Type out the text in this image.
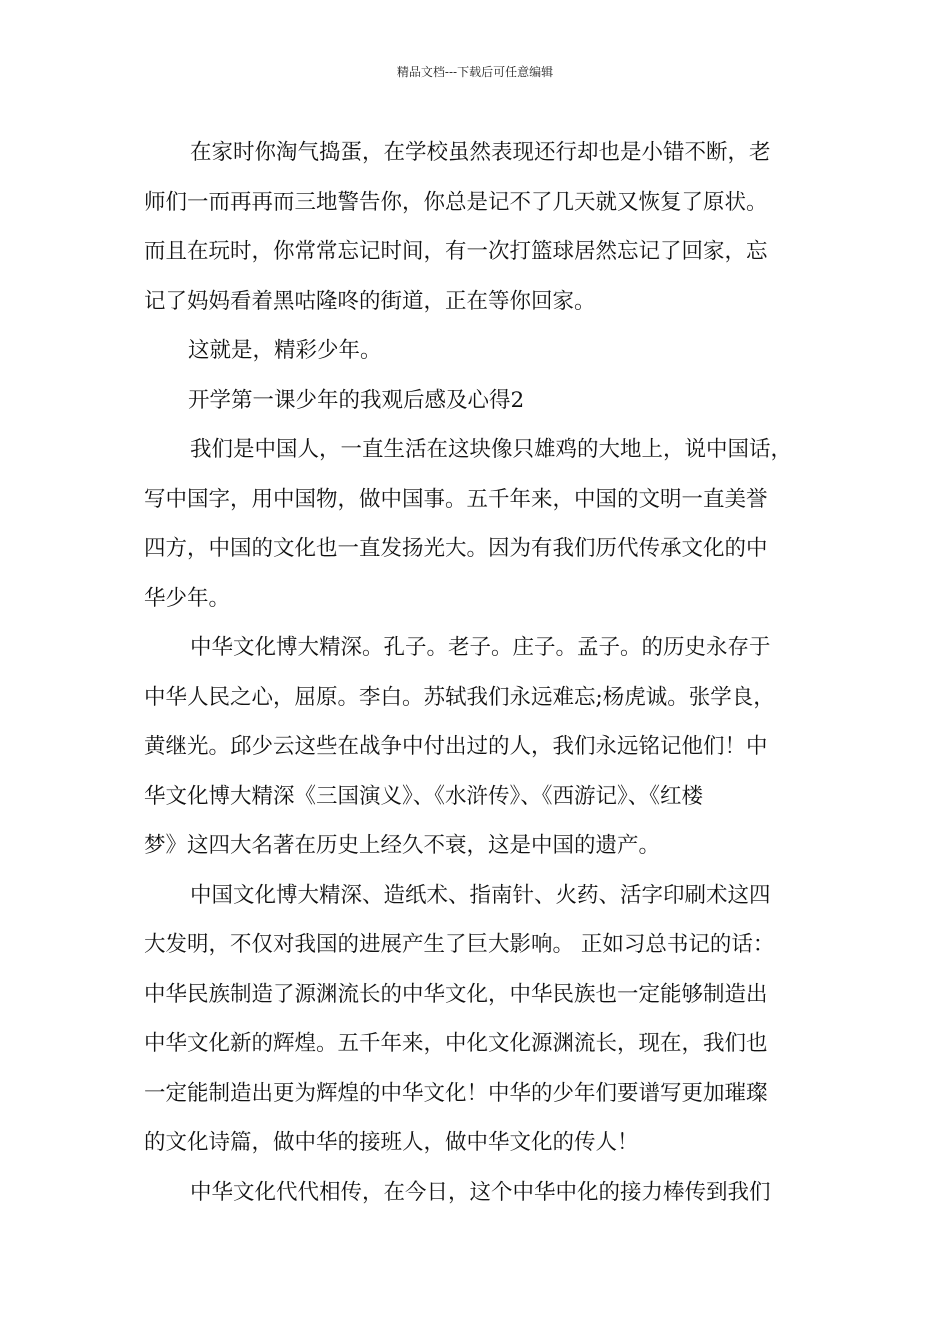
精品文档---下载后可任意编辑
在家时你淘气捣蛋，在学校虽然表现还行却也是小错不断，老
师们一而再再而三地警告你，你总是记不了几天就又恢复了原状。
而且在玩时，你常常忘记时间，有一次打篮球居然忘记了回家，忘
记了妈妈看着黑咕隆咚的街道，正在等你回家。
这就是，精彩少年。
开学第一课少年的我观后感及心得2
我们是中国人，一直生活在这块像只雄鸡的大地上，说中国话，
写中国字，用中国物，做中国事。五千年来，中国的文明一直美誉
四方，中国的文化也一直发扬光大。因为有我们历代传承文化的中
华少年。
中华文化博大精深。孔子。老子。庄子。孟子。的历史永存于
中华人民之心，屈原。李白。苏轼我们永远难忘;杨虎诚。张学良，
黄继光。邱少云这些在战争中付出过的人，我们永远铭记他们！中
华文化博大精深《三国演义》、《水浒传》、《西游记》、《红楼
梦》这四大名著在历史上经久不衰，这是中国的遗产。
中国文化博大精深、造纸术、指南针、火药、活字印刷术这四
大发明，不仅对我国的进展产生了巨大影响。 正如习总书记的话：
中华民族制造了源渊流长的中华文化，中华民族也一定能够制造出
中华文化新的辉煌。五千年来，中化文化源渊流长，现在，我们也
一定能制造出更为辉煌的中华文化！中华的少年们要谱写更加璀璨
的文化诗篇，做中华的接班人，做中华文化的传人！
中华文化代代相传，在今日，这个中华中化的接力棒传到我们
